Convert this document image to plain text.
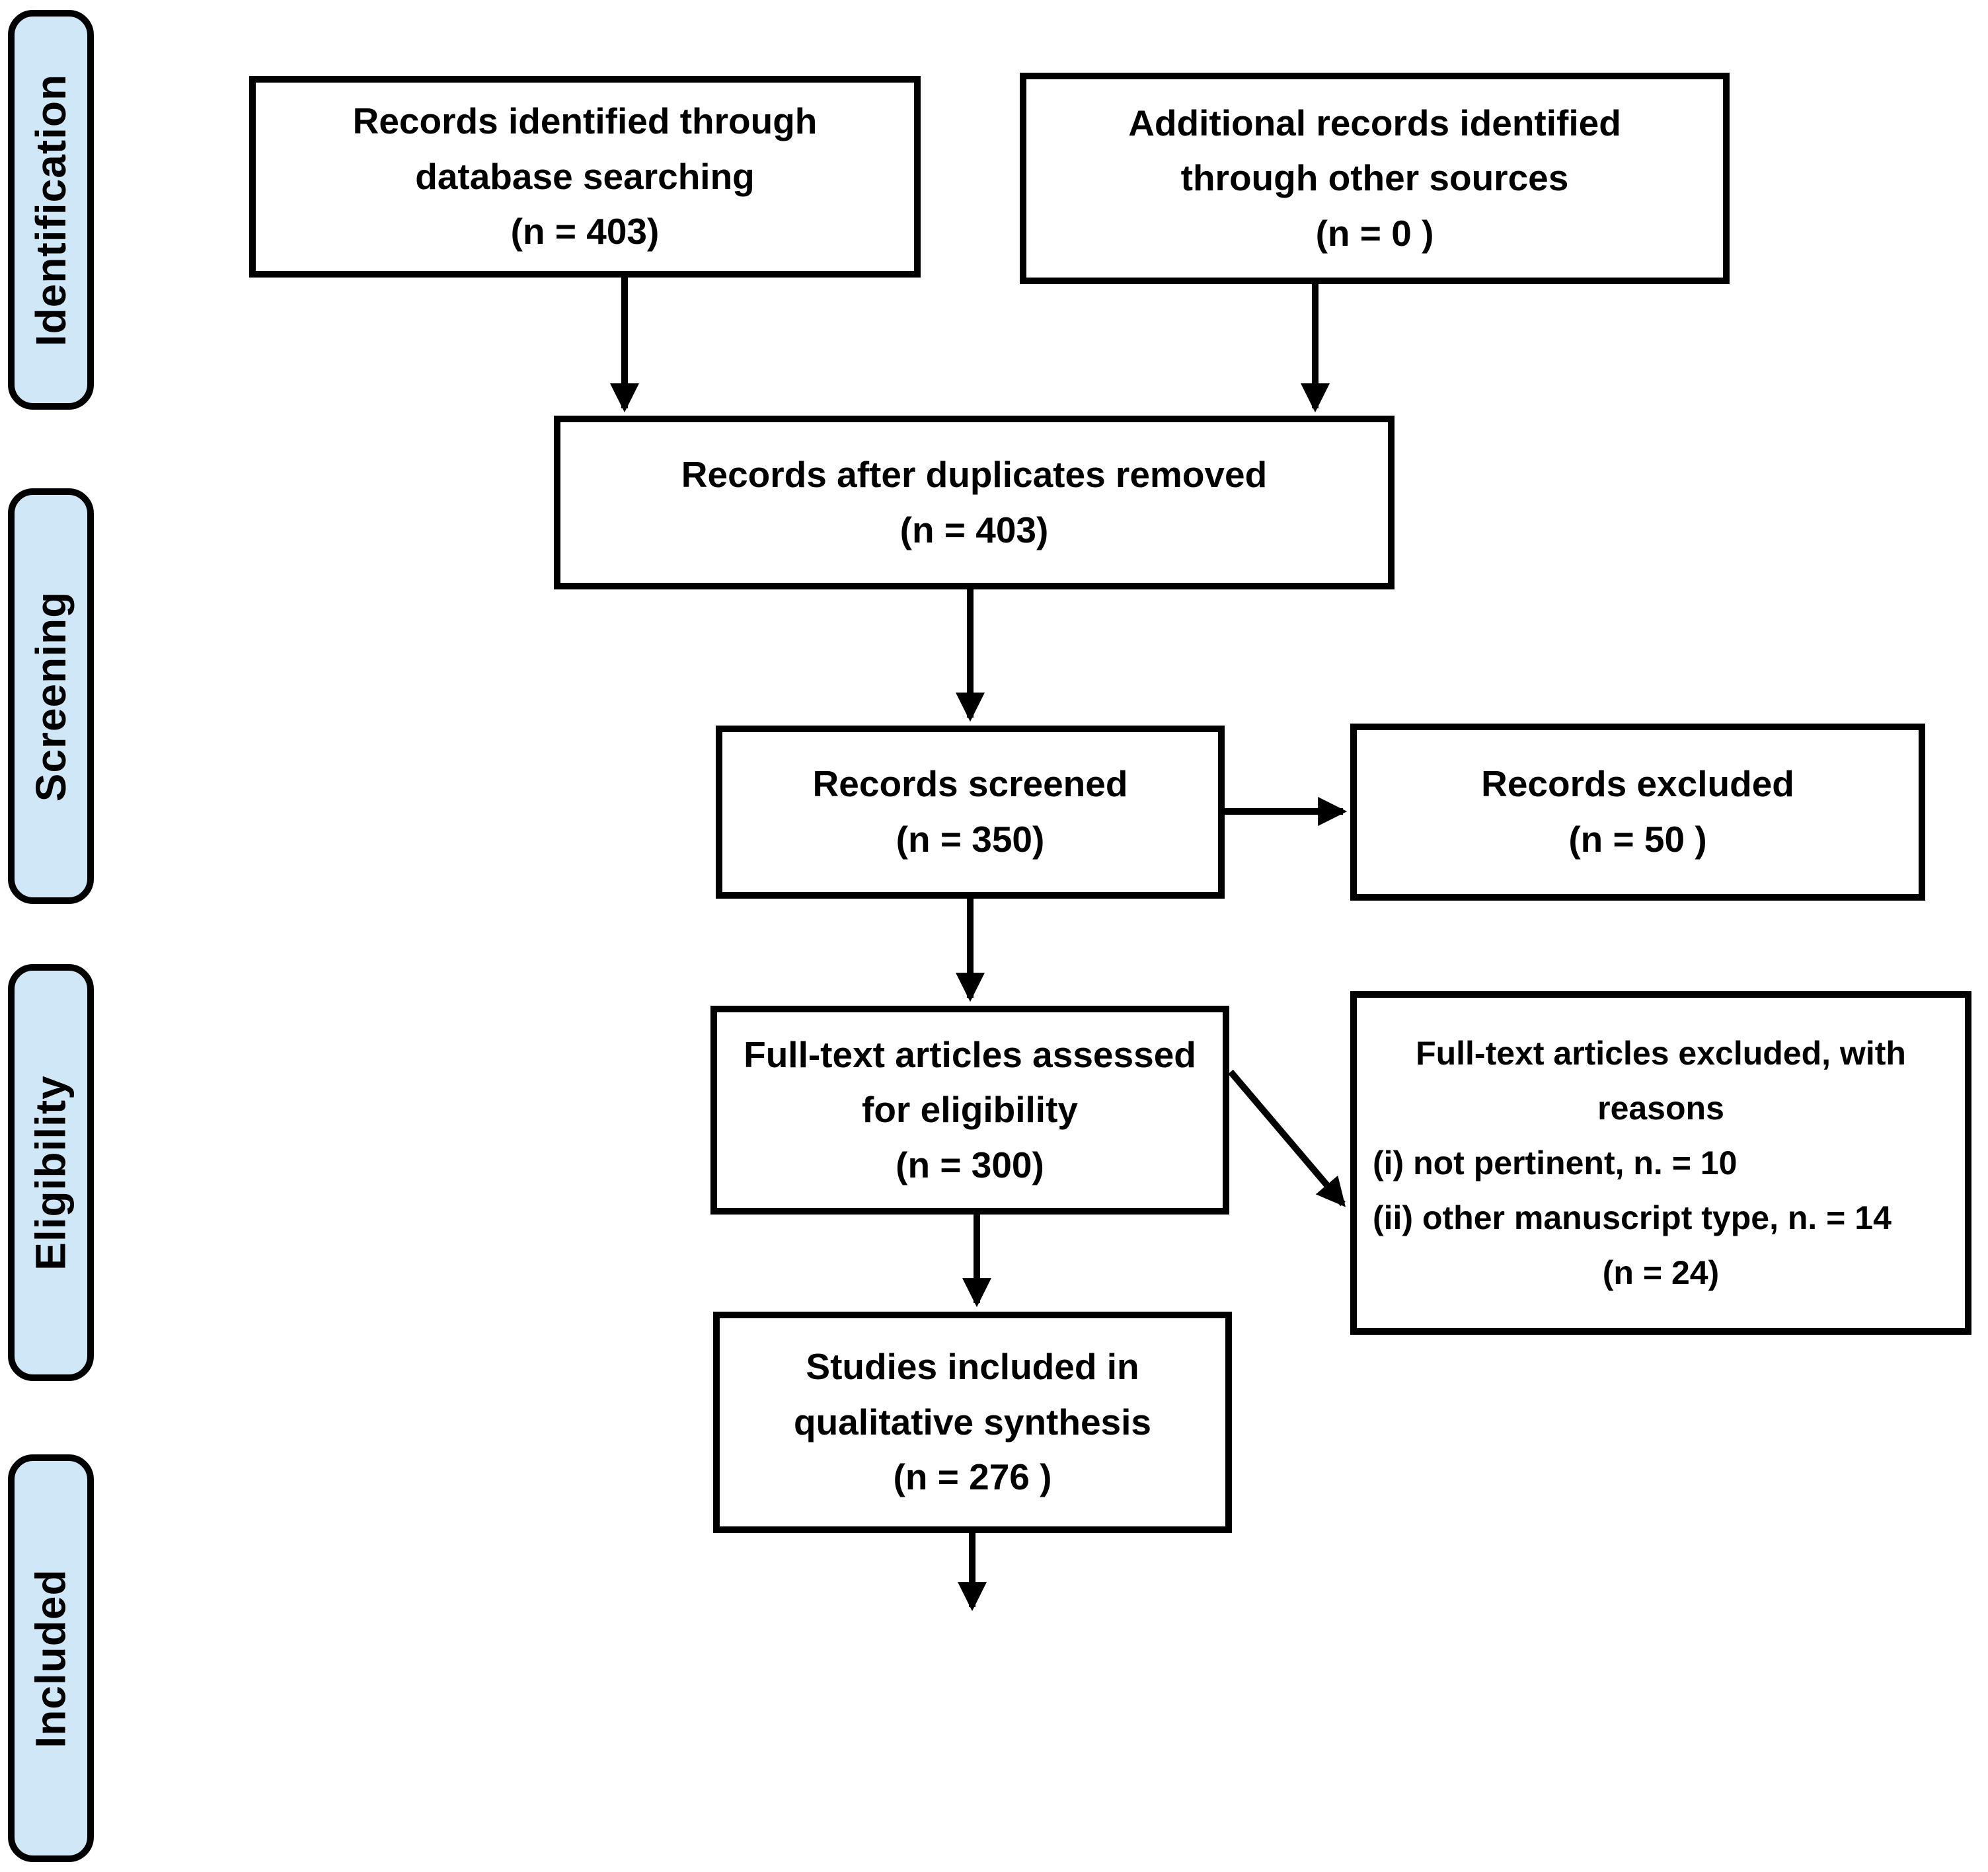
Identification
Screening
Eligibility
Included
Records identified through
database searching
(n = 403)
Additional records identified
through other sources
(n = 0 )
Records after duplicates removed
(n = 403)
Records screened
(n = 350)
Records excluded
(n = 50 )
Full-text articles assessed
for eligibility
(n = 300)
Full-text articles excluded, with
reasons
(i) not pertinent, n. = 10
(ii) other manuscript type, n. = 14
(n = 24)
Studies included in
qualitative synthesis
(n = 276 )
